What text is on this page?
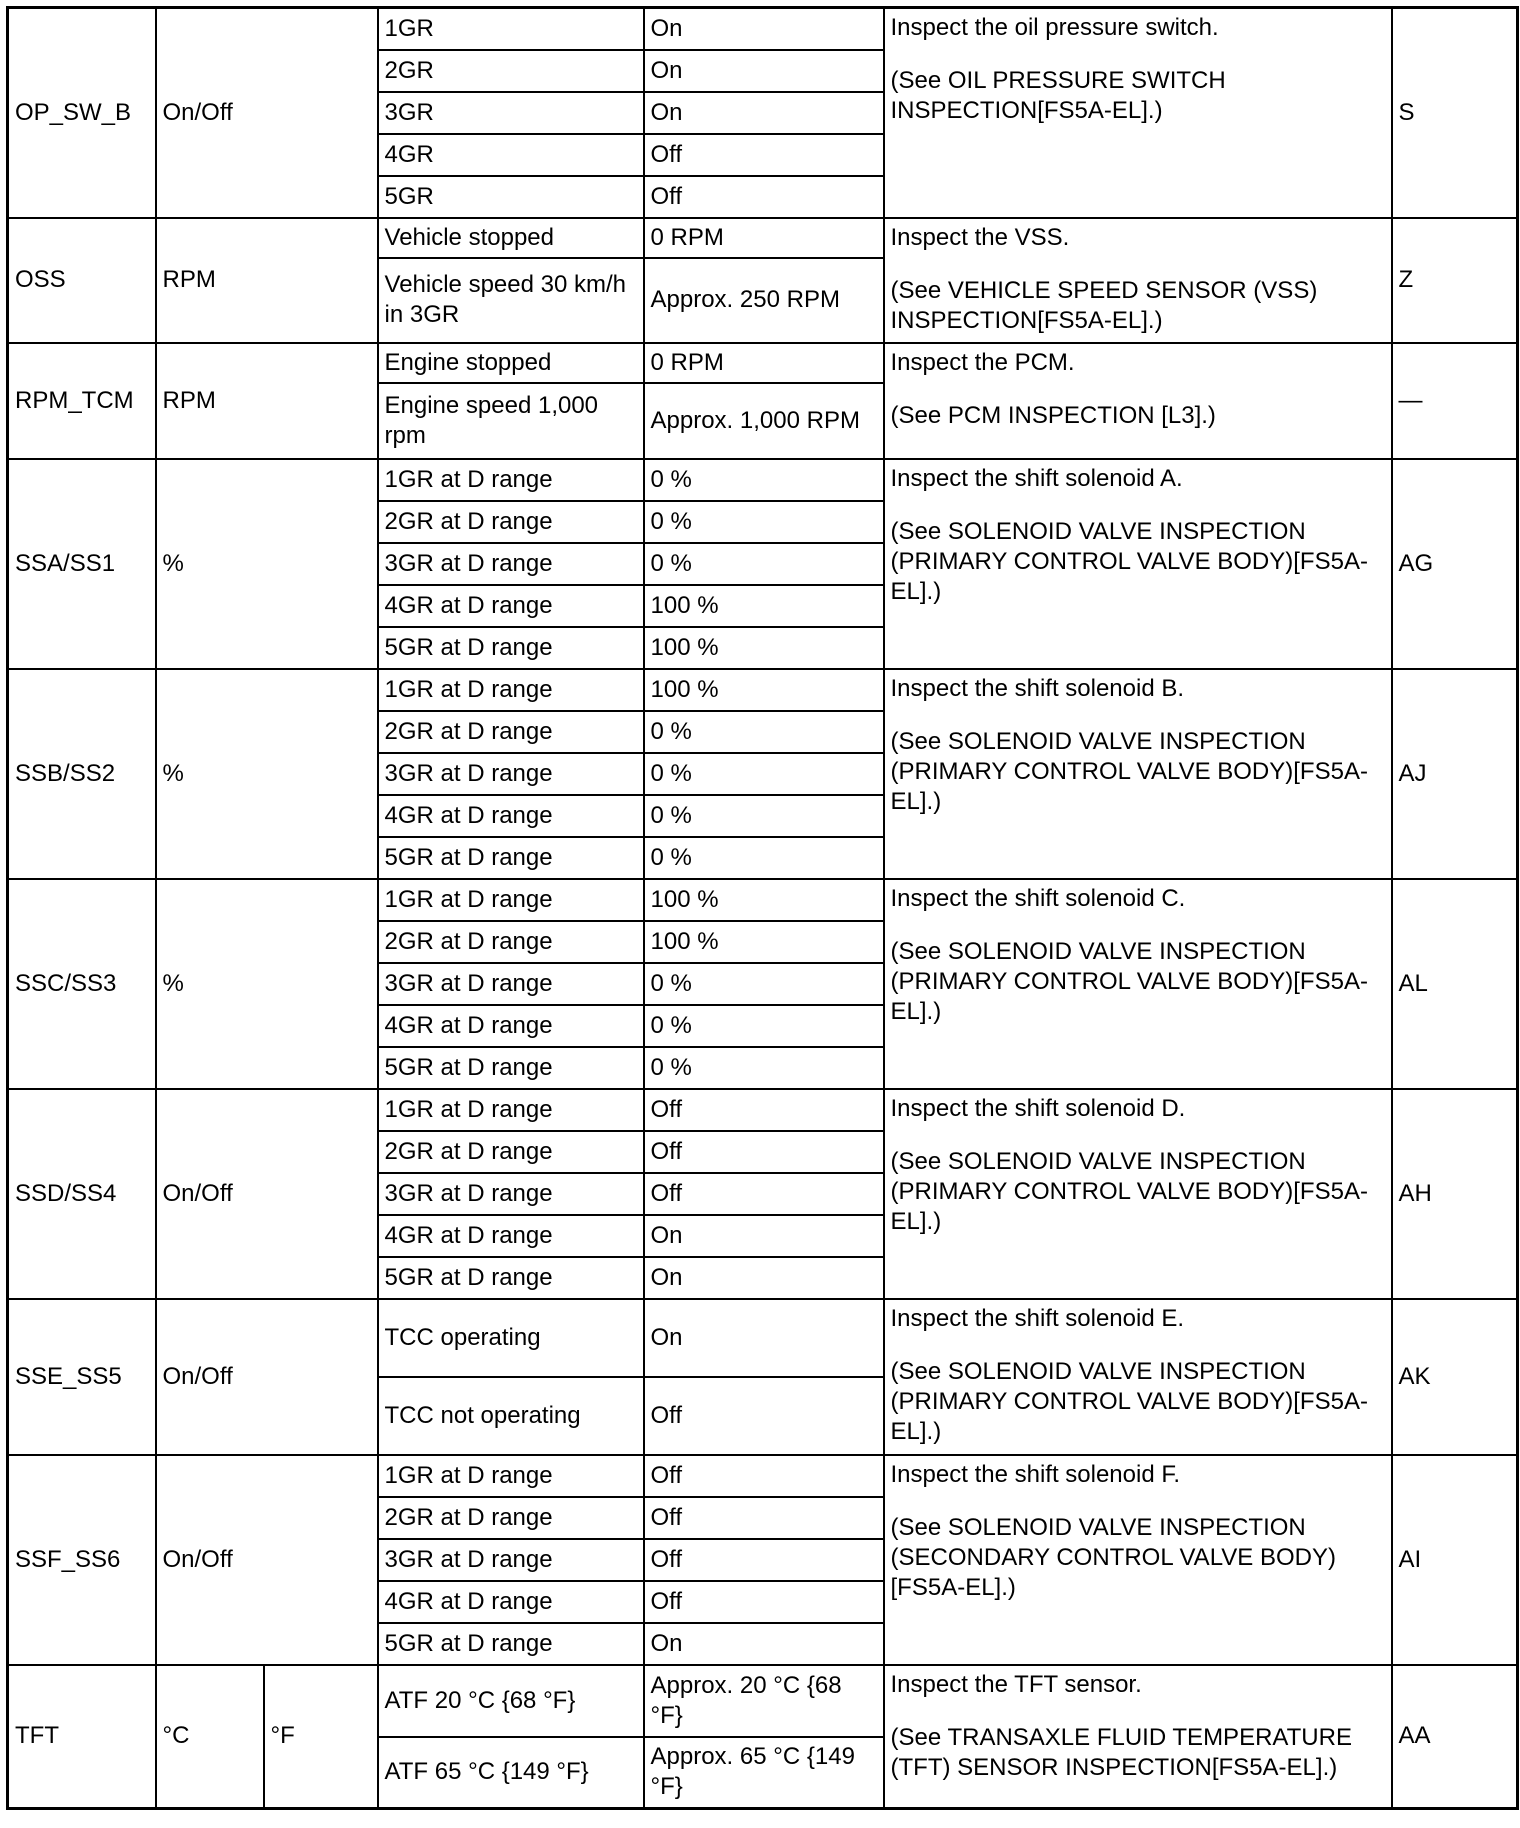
OP_SW_B	On/Off		1GR	On	Inspect the oil pressure switch.
(See OIL PRESSURE SWITCH INSPECTION[FS5A-EL].)	S
			2GR	On		
			3GR	On		
			4GR	Off		
			5GR	Off		
OSS	RPM		Vehicle stopped	0 RPM	Inspect the VSS.
(See VEHICLE SPEED SENSOR (VSS) INSPECTION[FS5A-EL].)	Z
			Vehicle speed 30 km/h in 3GR	Approx. 250 RPM		
RPM_TCM	RPM		Engine stopped	0 RPM	Inspect the PCM.
(See PCM INSPECTION [L3].)	—
			Engine speed 1,000 rpm	Approx. 1,000 RPM		
SSA/SS1	%		1GR at D range	0 %	Inspect the shift solenoid A.
(See SOLENOID VALVE INSPECTION (PRIMARY CONTROL VALVE BODY)[FS5A-EL].)	AG
			2GR at D range	0 %		
			3GR at D range	0 %		
			4GR at D range	100 %		
			5GR at D range	100 %		
SSB/SS2	%		1GR at D range	100 %	Inspect the shift solenoid B.
(See SOLENOID VALVE INSPECTION (PRIMARY CONTROL VALVE BODY)[FS5A-EL].)	AJ
			2GR at D range	0 %		
			3GR at D range	0 %		
			4GR at D range	0 %		
			5GR at D range	0 %		
SSC/SS3	%		1GR at D range	100 %	Inspect the shift solenoid C.
(See SOLENOID VALVE INSPECTION (PRIMARY CONTROL VALVE BODY)[FS5A-EL].)	AL
			2GR at D range	100 %		
			3GR at D range	0 %		
			4GR at D range	0 %		
			5GR at D range	0 %		
SSD/SS4	On/Off		1GR at D range	Off	Inspect the shift solenoid D.
(See SOLENOID VALVE INSPECTION (PRIMARY CONTROL VALVE BODY)[FS5A-EL].)	AH
			2GR at D range	Off		
			3GR at D range	Off		
			4GR at D range	On		
			5GR at D range	On		
SSE_SS5	On/Off		TCC operating	On	Inspect the shift solenoid E.
(See SOLENOID VALVE INSPECTION (PRIMARY CONTROL VALVE BODY)[FS5A-EL].)	AK
			TCC not operating	Off		
SSF_SS6	On/Off		1GR at D range	Off	Inspect the shift solenoid F.
(See SOLENOID VALVE INSPECTION (SECONDARY CONTROL VALVE BODY)[FS5A-EL].)	AI
			2GR at D range	Off		
			3GR at D range	Off		
			4GR at D range	Off		
			5GR at D range	On		
TFT	°C	°F	ATF 20 °C {68 °F}	Approx. 20 °C {68 °F}	Inspect the TFT sensor.
(See TRANSAXLE FLUID TEMPERATURE (TFT) SENSOR INSPECTION[FS5A-EL].)	AA
			ATF 65 °C {149 °F}	Approx. 65 °C {149 °F}		
